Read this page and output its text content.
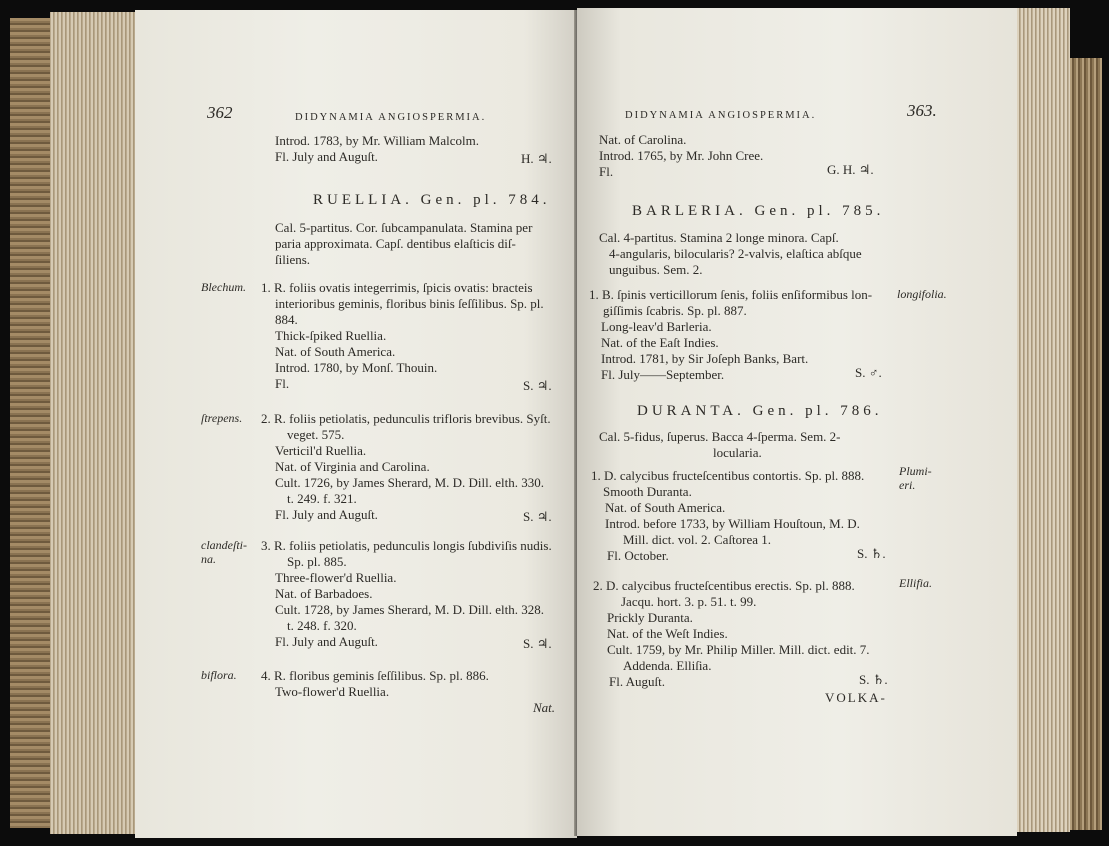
362	DIDYNAMIA ANGIOSPERMIA.
Introd. 1783, by Mr. William Malcolm.
Fl. July and Auguſt.	H. ♃.
RUELLIA. Gen. pl. 784.
Cal. 5-partitus. Cor. ſubcampanulata. Stamina per
paria approximata. Capſ. dentibus elaſticis diſ-
ſiliens.
Blechum. 1. R. foliis ovatis integerrimis, ſpicis ovatis: bracteis
interioribus geminis, floribus binis ſeſſilibus. Sp. pl.
884.
Thick-ſpiked Ruellia.
Nat. of South America.
Introd. 1780, by Monſ. Thouin.
Fl.	S. ♃.
ſtrepens. 2. R. foliis petiolatis, pedunculis trifloris brevibus. Syſt.
veget. 575.
Verticil'd Ruellia.
Nat. of Virginia and Carolina.
Cult. 1726, by James Sherard, M. D. Dill. elth. 330.
t. 249. f. 321.
Fl. July and Auguſt.	S. ♃.
clandeſti-
na.
3. R. foliis petiolatis, pedunculis longis ſubdiviſis nudis.
Sp. pl. 885.
Three-flower'd Ruellia.
Nat. of Barbadoes.
Cult. 1728, by James Sherard, M. D. Dill. elth. 328.
t. 248. f. 320.
Fl. July and Auguſt.	S. ♃.
biflora. 4. R. floribus geminis ſeſſilibus. Sp. pl. 886.
Two-flower'd Ruellia.
Nat.
DIDYNAMIA ANGIOSPERMIA.	363.
Nat. of Carolina.
Introd. 1765, by Mr. John Cree.
Fl.	G. H. ♃.
BARLERIA. Gen. pl. 785.
Cal. 4-partitus. Stamina 2 longe minora. Capſ.
4-angularis, bilocularis? 2-valvis, elaſtica abſque
unguibus. Sem. 2.
longifolia.
1. B. ſpinis verticillorum ſenis, foliis enſiformibus lon-
giſſimis ſcabris. Sp. pl. 887.
Long-leav'd Barleria.
Nat. of the Eaſt Indies.
Introd. 1781, by Sir Joſeph Banks, Bart.
Fl. July——September.	S. ♂.
DURANTA. Gen. pl. 786.
Cal. 5-fidus, ſuperus. Bacca 4-ſperma. Sem. 2-
locularia.
Plumi-
eri.
1. D. calycibus fructeſcentibus contortis. Sp. pl. 888.
Smooth Duranta.
Nat. of South America.
Introd. before 1733, by William Houſtoun, M. D.
Mill. dict. vol. 2. Caſtorea 1.
Fl. October.	S. ♄.
Ellifia.
2. D. calycibus fructeſcentibus erectis. Sp. pl. 888.
Jacqu. hort. 3. p. 51. t. 99.
Prickly Duranta.
Nat. of the Weſt Indies.
Cult. 1759, by Mr. Philip Miller. Mill. dict. edit. 7.
Addenda. Elliſia.
Fl. Auguſt.	S. ♄.
VOLKA-
